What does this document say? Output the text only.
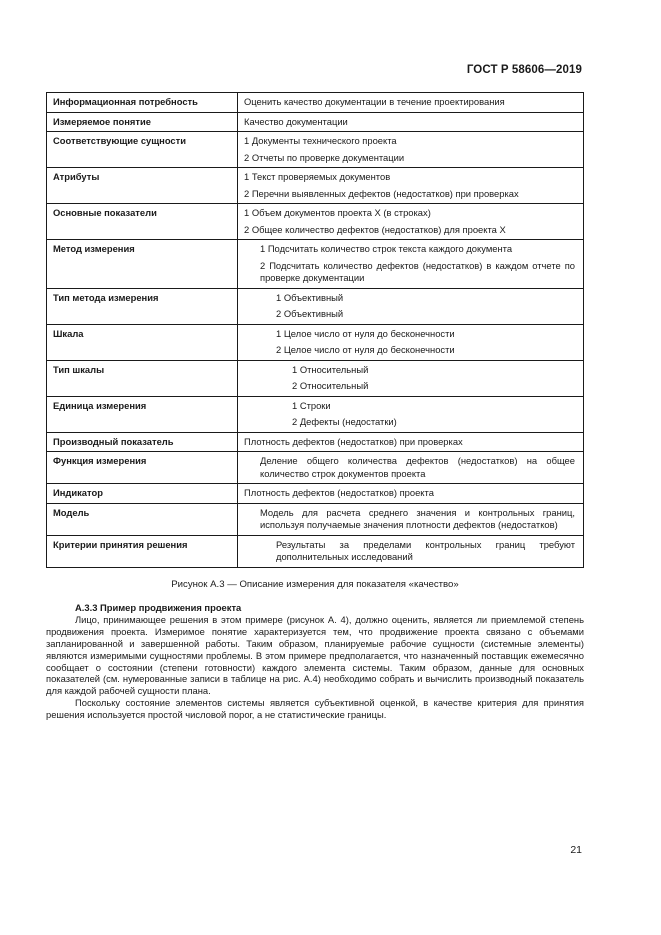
ГОСТ Р 58606—2019
Информационная потребность	Оценить качество документации в течение проектирования

Измеряемое понятие	Качество документации

Соответствующие сущности	1 Документы технического проекта
2 Отчеты по проверке документации

Атрибуты	1 Текст проверяемых документов
2 Перечни выявленных дефектов (недостатков) при проверках

Основные показатели	1 Объем документов проекта X (в строках)
2 Общее количество дефектов (недостатков) для проекта X

Метод измерения	1 Подсчитать количество строк текста каждого документа
2 Подсчитать количество дефектов (недостатков) в каждом отчете по проверке документации

Тип метода измерения	1 Объективный
2 Объективный

Шкала	1 Целое число от нуля до бесконечности
2 Целое число от нуля до бесконечности

Тип шкалы	1 Относительный
2 Относительный

Единица измерения	1 Строки
2 Дефекты (недостатки)

Производный показатель	Плотность дефектов (недостатков) при проверках

Функция измерения	Деление общего количества дефектов (недостатков) на общее количество строк документов проекта

Индикатор	Плотность дефектов (недостатков) проекта

Модель	Модель для расчета среднего значения и контрольных границ, используя получаемые значения плотности дефектов (недостатков)

Критерии принятия решения	Результаты за пределами контрольных границ требуют дополнительных исследований
Рисунок А.3 — Описание измерения для показателя «качество»
А.3.3 Пример продвижения проекта

Лицо, принимающее решения в этом примере (рисунок А. 4), должно оценить, является ли приемлемой степень продвижения проекта. Измеримое понятие характеризуется тем, что продвижение проекта связано с объемами запланированной и завершенной работы. Таким образом, планируемые рабочие сущности (системные элементы) являются измеримыми сущностями проблемы. В этом примере предполагается, что назначенный поставщик ежемесячно сообщает о состоянии (степени готовности) каждого элемента системы. Таким образом, данные для основных показателей (см. нумерованные записи в таблице на рис. А.4) необходимо собрать и вычислить производный показатель для каждой рабочей сущности плана.

Поскольку состояние элементов системы является субъективной оценкой, в качестве критерия для принятия решения используется простой числовой порог, а не статистические границы.

21
